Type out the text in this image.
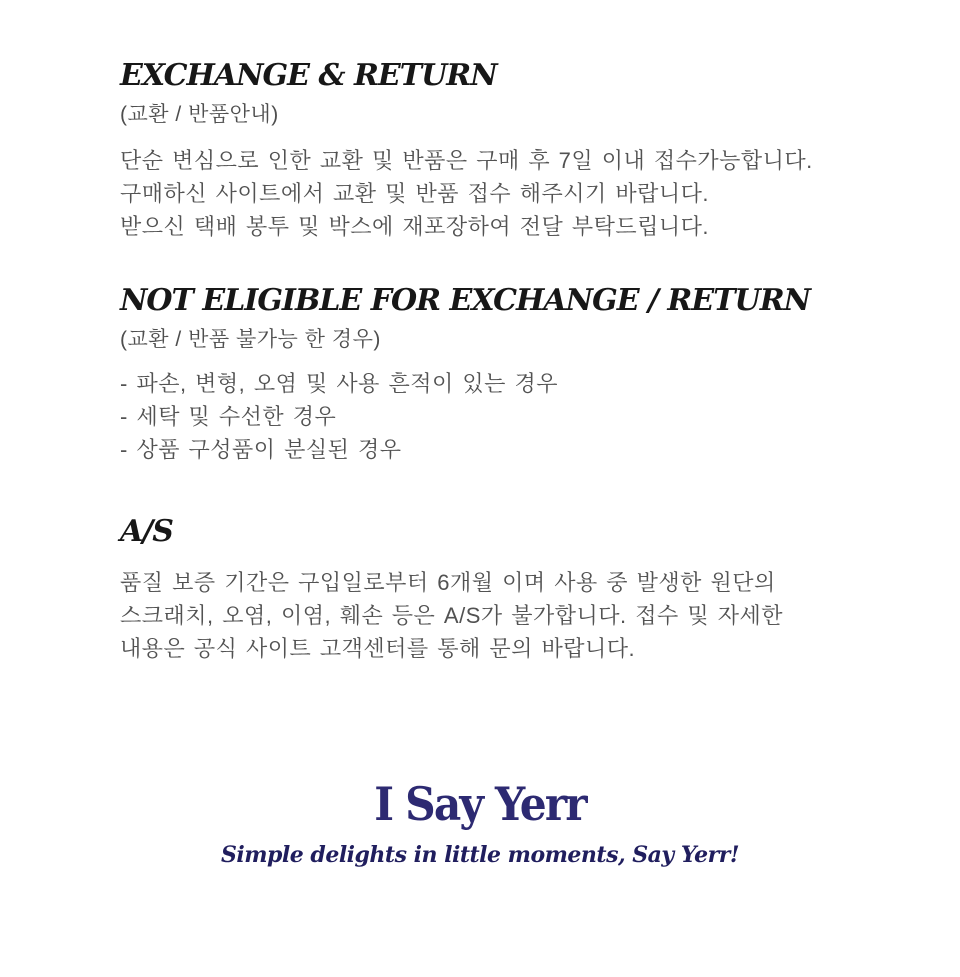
EXCHANGE & RETURN

(교환 / 반품안내)

단순 변심으로 인한 교환 및 반품은 구매 후 7일 이내 접수가능합니다.
구매하신 사이트에서 교환 및 반품 접수 해주시기 바랍니다.
받으신 택배 봉투 및 박스에 재포장하여 전달 부탁드립니다.

NOT ELIGIBLE FOR EXCHANGE / RETURN

(교환 / 반품 불가능 한 경우)

- 파손, 변형, 오염 및 사용 흔적이 있는 경우
- 세탁 및 수선한 경우
- 상품 구성품이 분실된 경우
A/S

품질 보증 기간은 구입일로부터 6개월 이며 사용 중 발생한 원단의
스크래치, 오염, 이염, 훼손 등은 A/S가 불가합니다. 접수 및 자세한
내용은 공식 사이트 고객센터를 통해 문의 바랍니다.

I Say Yerr

Simple delights in little moments, Say Yerr!
